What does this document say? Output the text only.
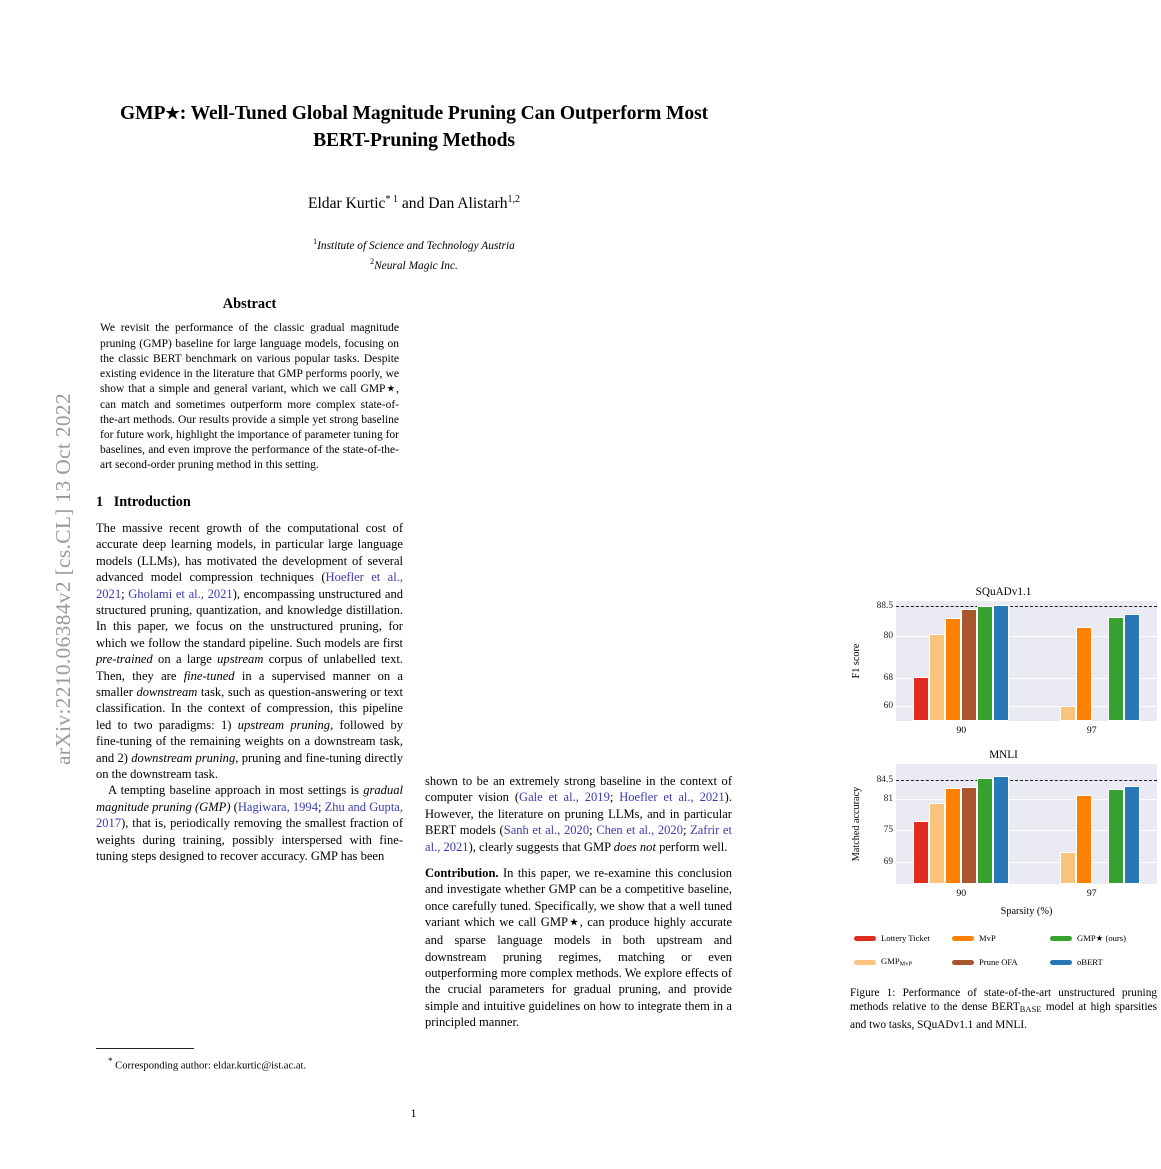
arXiv:2210.06384v2 [cs.CL] 13 Oct 2022
GMP★: Well-Tuned Global Magnitude Pruning Can Outperform Most
BERT-Pruning Methods
Eldar Kurtic$^{* 1}$ and Dan Alistarh$^{1,2}$
$^1$Institute of Science and Technology Austria
$^2$Neural Magic Inc.
Abstract

We revisit the performance of the classic gradual magnitude pruning (GMP) baseline for large language models, focusing on the classic BERT benchmark on various popular tasks. Despite existing evidence in the literature that GMP performs poorly, we show that a simple and general variant, which we call GMP★, can match and sometimes outperform more complex state-of-the-art methods. Our results provide a simple yet strong baseline for future work, highlight the importance of parameter tuning for baselines, and even improve the performance of the state-of-the-art second-order pruning method in this setting.

1 Introduction

The massive recent growth of the computational cost of accurate deep learning models, in particular large language models (LLMs), has motivated the development of several advanced model compression techniques (Hoefler et al., 2021; Gholami et al., 2021), encompassing unstructured and structured pruning, quantization, and knowledge distillation. In this paper, we focus on the unstructured pruning, for which we follow the standard pipeline. Such models are first pre-trained on a large upstream corpus of unlabelled text. Then, they are fine-tuned in a supervised manner on a smaller downstream task, such as question-answering or text classification. In the context of compression, this pipeline led to two paradigms: 1) upstream pruning, followed by fine-tuning of the remaining weights on a downstream task, and 2) downstream pruning, pruning and fine-tuning directly on the downstream task.

A tempting baseline approach in most settings is gradual magnitude pruning (GMP) (Hagiwara, 1994; Zhu and Gupta, 2017), that is, periodically removing the smallest fraction of weights during training, possibly interspersed with fine-tuning steps designed to recover accuracy. GMP has been

SQuADv1.1
F1 score
88.5
80
68
60
90	97
MNLI
Matched accuracy
84.5
81
75
69
90	97
Sparsity (%)
Lottery Ticket	MvP	GMP★ (ours)
GMPMvP	Prune OFA	oBERT
Figure 1: Performance of state-of-the-art unstructured pruning methods relative to the dense BERTBASE model at high sparsities and two tasks, SQuADv1.1 and MNLI.

shown to be an extremely strong baseline in the context of computer vision (Gale et al., 2019; Hoefler et al., 2021). However, the literature on pruning LLMs, and in particular BERT models (Sanh et al., 2020; Chen et al., 2020; Zafrir et al., 2021), clearly suggests that GMP does not perform well.

Contribution. In this paper, we re-examine this conclusion and investigate whether GMP can be a competitive baseline, once carefully tuned. Specifically, we show that a well tuned variant which we call GMP★, can produce highly accurate and sparse language models in both upstream and downstream pruning regimes, matching or even outperforming more complex methods. We explore effects of the crucial parameters for gradual pruning, and provide simple and intuitive guidelines on how to integrate them in a principled manner.

* Corresponding author: eldar.kurtic@ist.ac.at.
1
